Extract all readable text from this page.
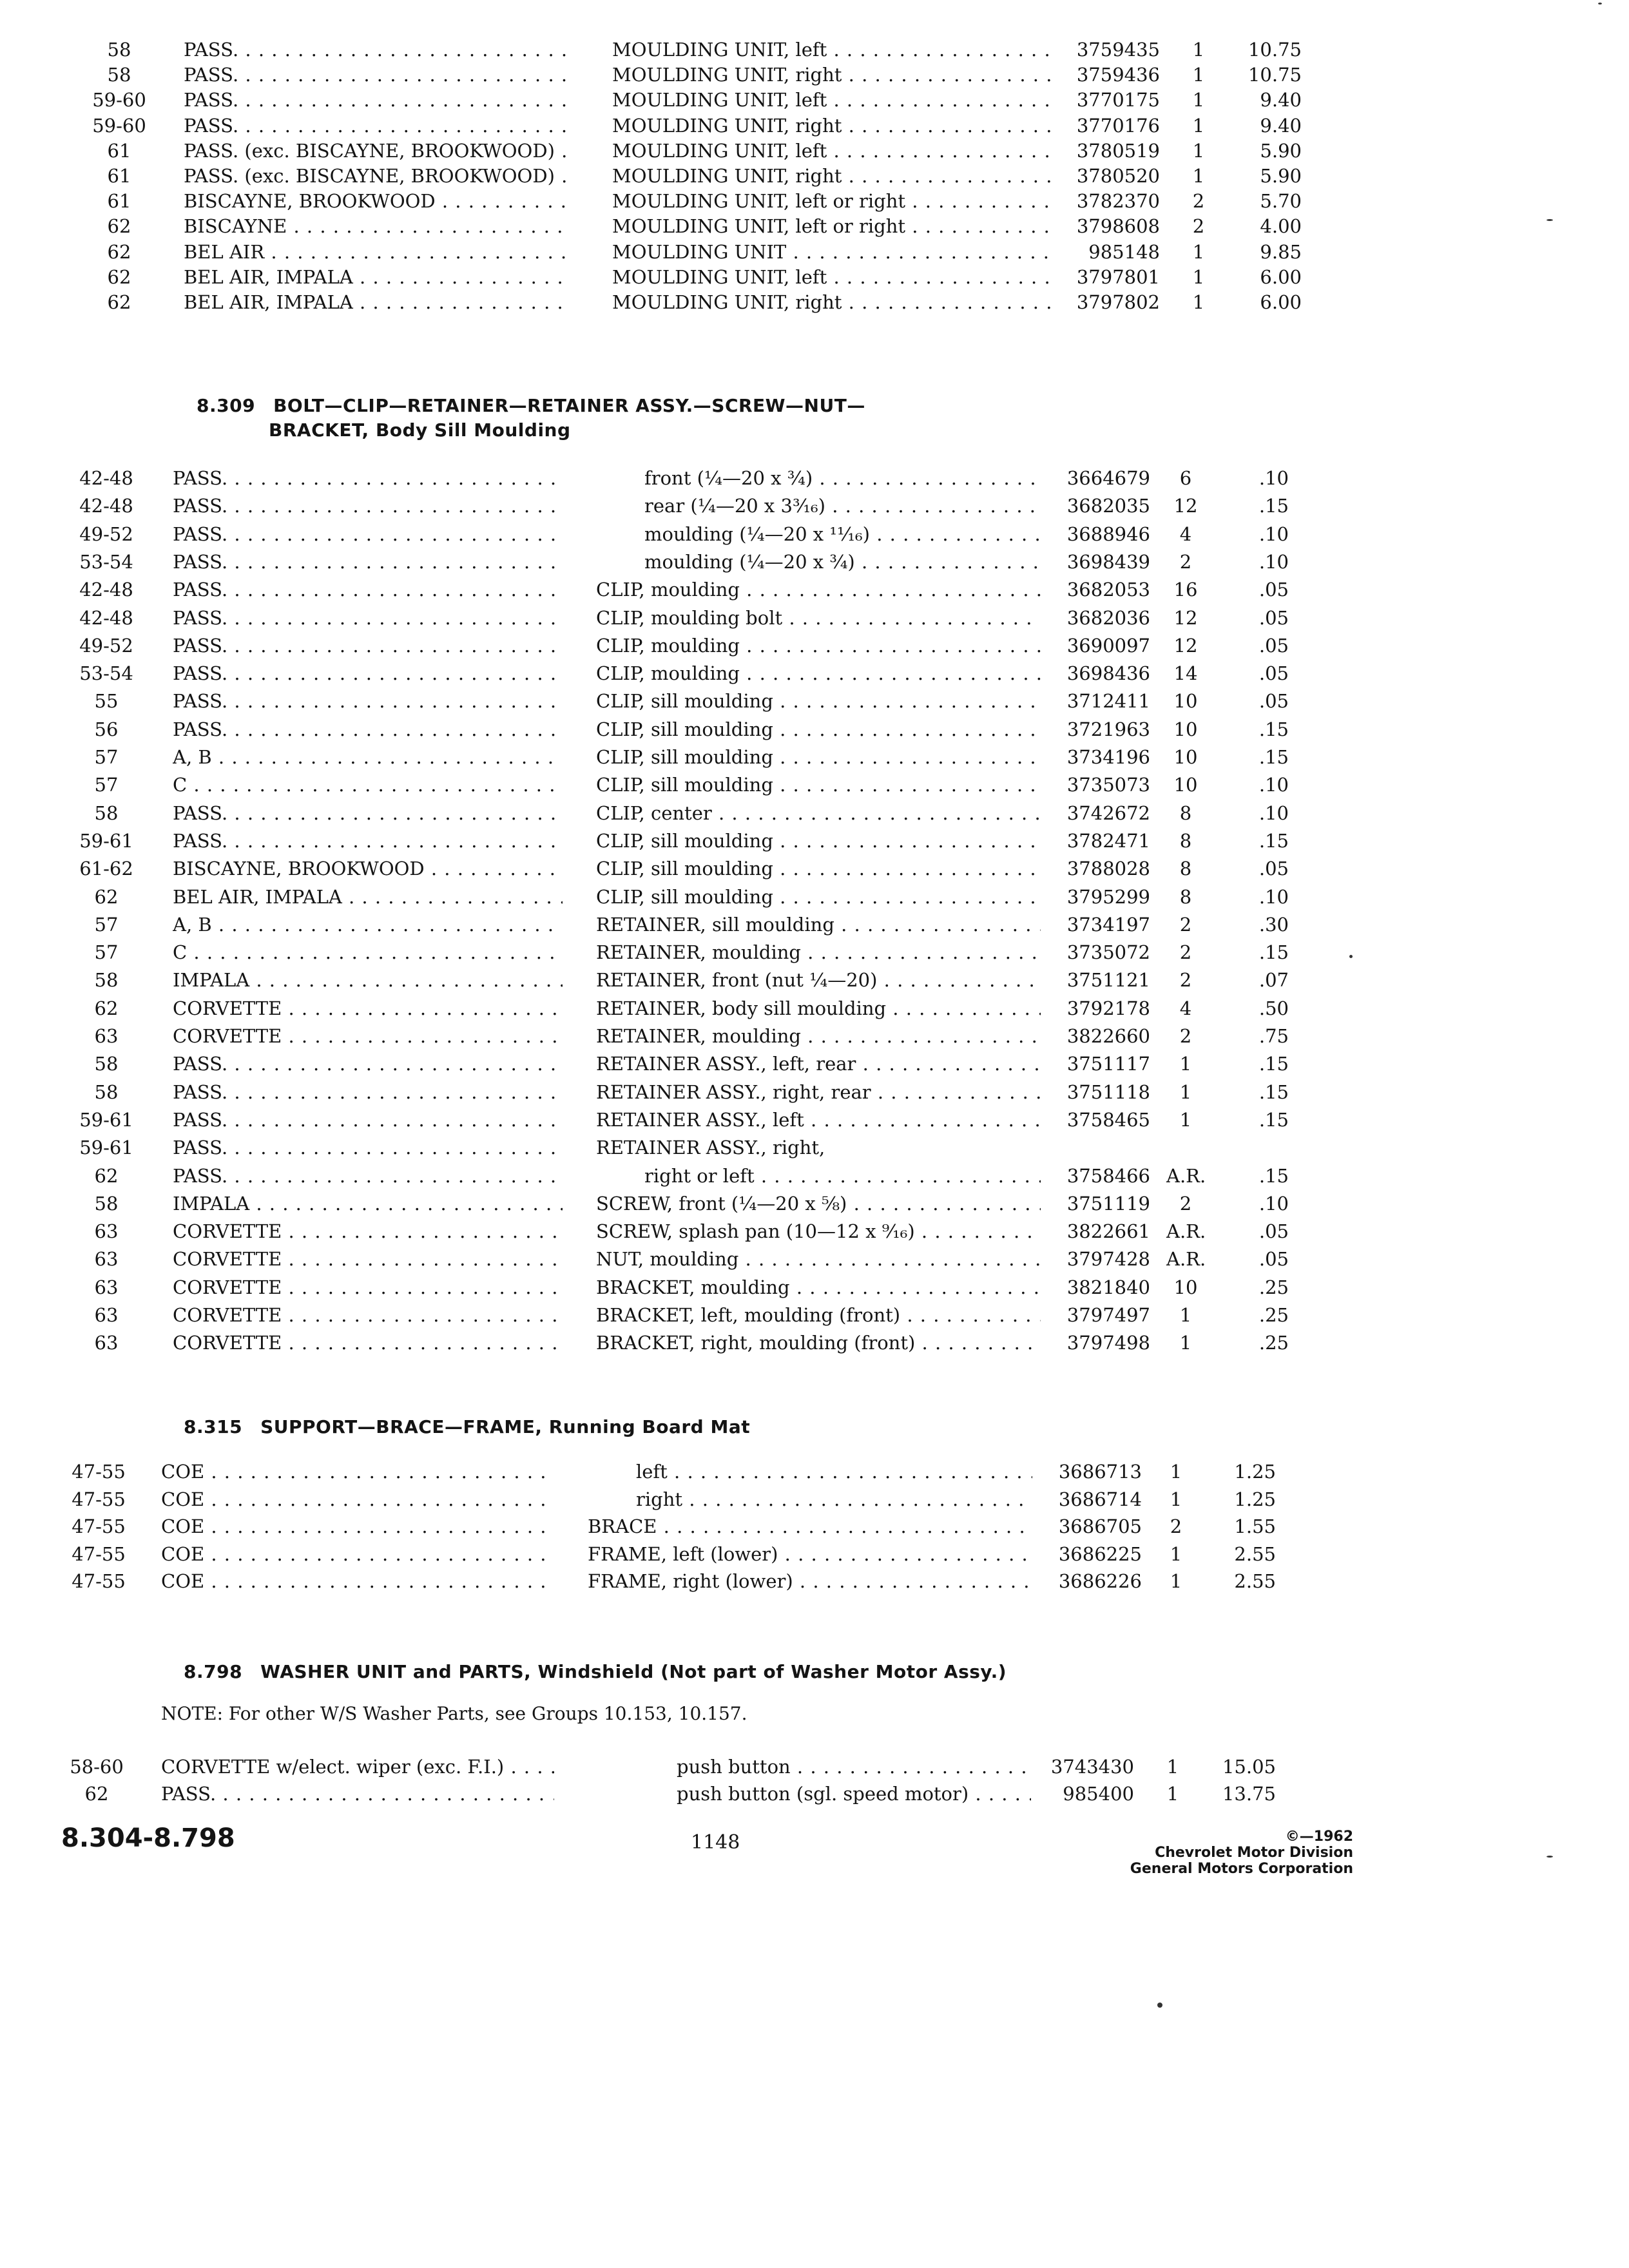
58	PASS. . . .	MOULDING UNIT, left . . .	3759435	1	10.75
58	PASS. . . .	MOULDING UNIT, right . . .	3759436	1	10.75
59-60	PASS. . . .	MOULDING UNIT, left . . .	3770175	1	9.40
59-60	PASS. . . .	MOULDING UNIT, right . . .	3770176	1	9.40
61	PASS. (exc. BISCAYNE, BROOKWOOD) . . .	MOULDING UNIT, left . . .	3780519	1	5.90
61	PASS. (exc. BISCAYNE, BROOKWOOD) . . .	MOULDING UNIT, right . . .	3780520	1	5.90
61	BISCAYNE, BROOKWOOD . . .	MOULDING UNIT, left or right . . .	3782370	2	5.70
62	BISCAYNE . . .	MOULDING UNIT, left or right . . .	3798608	2	4.00
62	BEL AIR . . .	MOULDING UNIT . . .	985148	1	9.85
62	BEL AIR, IMPALA . . .	MOULDING UNIT, left . . .	3797801	1	6.00
62	BEL AIR, IMPALA . . .	MOULDING UNIT, right . . .	3797802	1	6.00
8.309 BOLT—CLIP—RETAINER—RETAINER ASSY.—SCREW—NUT—
BRACKET, Body Sill Moulding
42-48	PASS. . . .	front (¼—20 x ¾) . . .	3664679	6	.10
42-48	PASS. . . .	rear (¼—20 x 3³⁄₁₆) . . .	3682035	12	.15
49-52	PASS. . . .	moulding (¼—20 x ¹¹⁄₁₆) . . .	3688946	4	.10
53-54	PASS. . . .	moulding (¼—20 x ¾) . . .	3698439	2	.10
42-48	PASS. . . .	CLIP, moulding . . .	3682053	16	.05
42-48	PASS. . . .	CLIP, moulding bolt . . .	3682036	12	.05
49-52	PASS. . . .	CLIP, moulding . . .	3690097	12	.05
53-54	PASS. . . .	CLIP, moulding . . .	3698436	14	.05
55	PASS. . . .	CLIP, sill moulding . . .	3712411	10	.05
56	PASS. . . .	CLIP, sill moulding . . .	3721963	10	.15
57	A, B . . .	CLIP, sill moulding . . .	3734196	10	.15
57	C . . .	CLIP, sill moulding . . .	3735073	10	.10
58	PASS. . . .	CLIP, center . . .	3742672	8	.10
59-61	PASS. . . .	CLIP, sill moulding . . .	3782471	8	.15
61-62	BISCAYNE, BROOKWOOD . . .	CLIP, sill moulding . . .	3788028	8	.05
62	BEL AIR, IMPALA . . .	CLIP, sill moulding . . .	3795299	8	.10
57	A, B . . .	RETAINER, sill moulding . . .	3734197	2	.30
57	C . . .	RETAINER, moulding . . .	3735072	2	.15
58	IMPALA . . .	RETAINER, front (nut ¼—20) . . .	3751121	2	.07
62	CORVETTE . . .	RETAINER, body sill moulding . . .	3792178	4	.50
63	CORVETTE . . .	RETAINER, moulding . . .	3822660	2	.75
58	PASS. . . .	RETAINER ASSY., left, rear . . .	3751117	1	.15
58	PASS. . . .	RETAINER ASSY., right, rear . . .	3751118	1	.15
59-61	PASS. . . .	RETAINER ASSY., left . . .	3758465	1	.15
59-61	PASS. . . .	RETAINER ASSY., right,
62	PASS. . . .	right or left . . .	3758466 A.R.	.15
58	IMPALA . . .	SCREW, front (¼—20 x ⅝) . . .	3751119	2	.10
63	CORVETTE . . .	SCREW, splash pan (10—12 x ⁹⁄₁₆) . . .	3822661 A.R.	.05
63	CORVETTE . . .	NUT, moulding . . .	3797428 A.R.	.05
63	CORVETTE . . .	BRACKET, moulding . . .	3821840	10	.25
63	CORVETTE . . .	BRACKET, left, moulding (front) . . .	3797497	1	.25
63	CORVETTE . . .	BRACKET, right, moulding (front) . . .	3797498	1	.25
8.315 SUPPORT—BRACE—FRAME, Running Board Mat
47-55	COE . . .	left . . .	3686713	1	1.25
47-55	COE . . .	right . . .	3686714	1	1.25
47-55	COE . . .	BRACE . . .	3686705	2	1.55
47-55	COE . . .	FRAME, left (lower) . . .	3686225	1	2.55
47-55	COE . . .	FRAME, right (lower) . . .	3686226	1	2.55
8.798 WASHER UNIT and PARTS, Windshield (Not part of Washer Motor Assy.)
NOTE: For other W/S Washer Parts, see Groups 10.153, 10.157.
58-60	CORVETTE w/elect. wiper (exc. F.I.) . . .	push button . . .	3743430	1	15.05
62	PASS. . . .	push button (sgl. speed motor) . . .	985400	1	13.75
8.304-8.798	1148	©—1962
Chevrolet Motor Division
General Motors Corporation
